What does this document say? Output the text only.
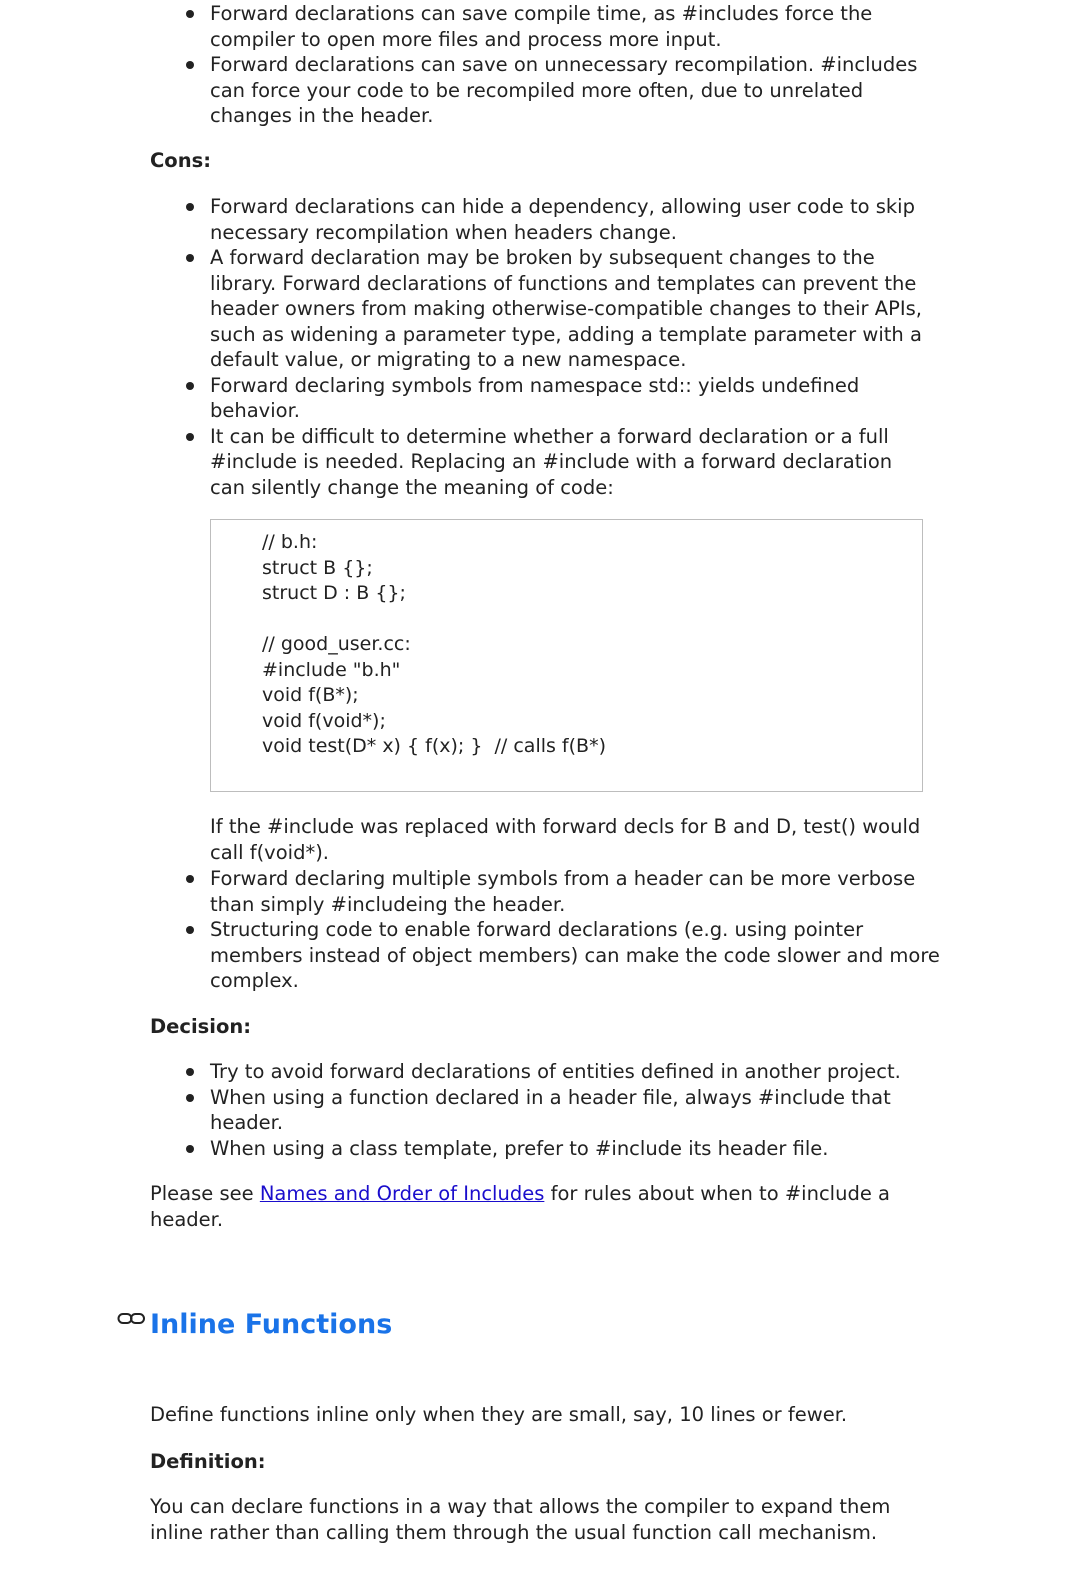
Forward declarations can save compile time, as #includes force the compiler to open more files and process more input.
Forward declarations can save on unnecessary recompilation. #includes can force your code to be recompiled more often, due to unrelated changes in the header.
Cons:
Forward declarations can hide a dependency, allowing user code to skip necessary recompilation when headers change.
A forward declaration may be broken by subsequent changes to the library. Forward declarations of functions and templates can prevent the header owners from making otherwise-compatible changes to their APIs, such as widening a parameter type, adding a template parameter with a default value, or migrating to a new namespace.
Forward declaring symbols from namespace std:: yields undefined behavior.
It can be difficult to determine whether a forward declaration or a full #include is needed. Replacing an #include with a forward declaration can silently change the meaning of code:
// b.h:
struct B {};
struct D : B {};
// good_user.cc:
#include "b.h"
void f(B*);
void f(void*);
void test(D* x) { f(x); }  // calls f(B*)
If the #include was replaced with forward decls for B and D, test() would call f(void*).
Forward declaring multiple symbols from a header can be more verbose than simply #includeing the header.
Structuring code to enable forward declarations (e.g. using pointer members instead of object members) can make the code slower and more complex.
Decision:
Try to avoid forward declarations of entities defined in another project.
When using a function declared in a header file, always #include that header.
When using a class template, prefer to #include its header file.
Please see Names and Order of Includes for rules about when to #include a header.
Inline Functions
Define functions inline only when they are small, say, 10 lines or fewer.
Definition:
You can declare functions in a way that allows the compiler to expand them inline rather than calling them through the usual function call mechanism.
